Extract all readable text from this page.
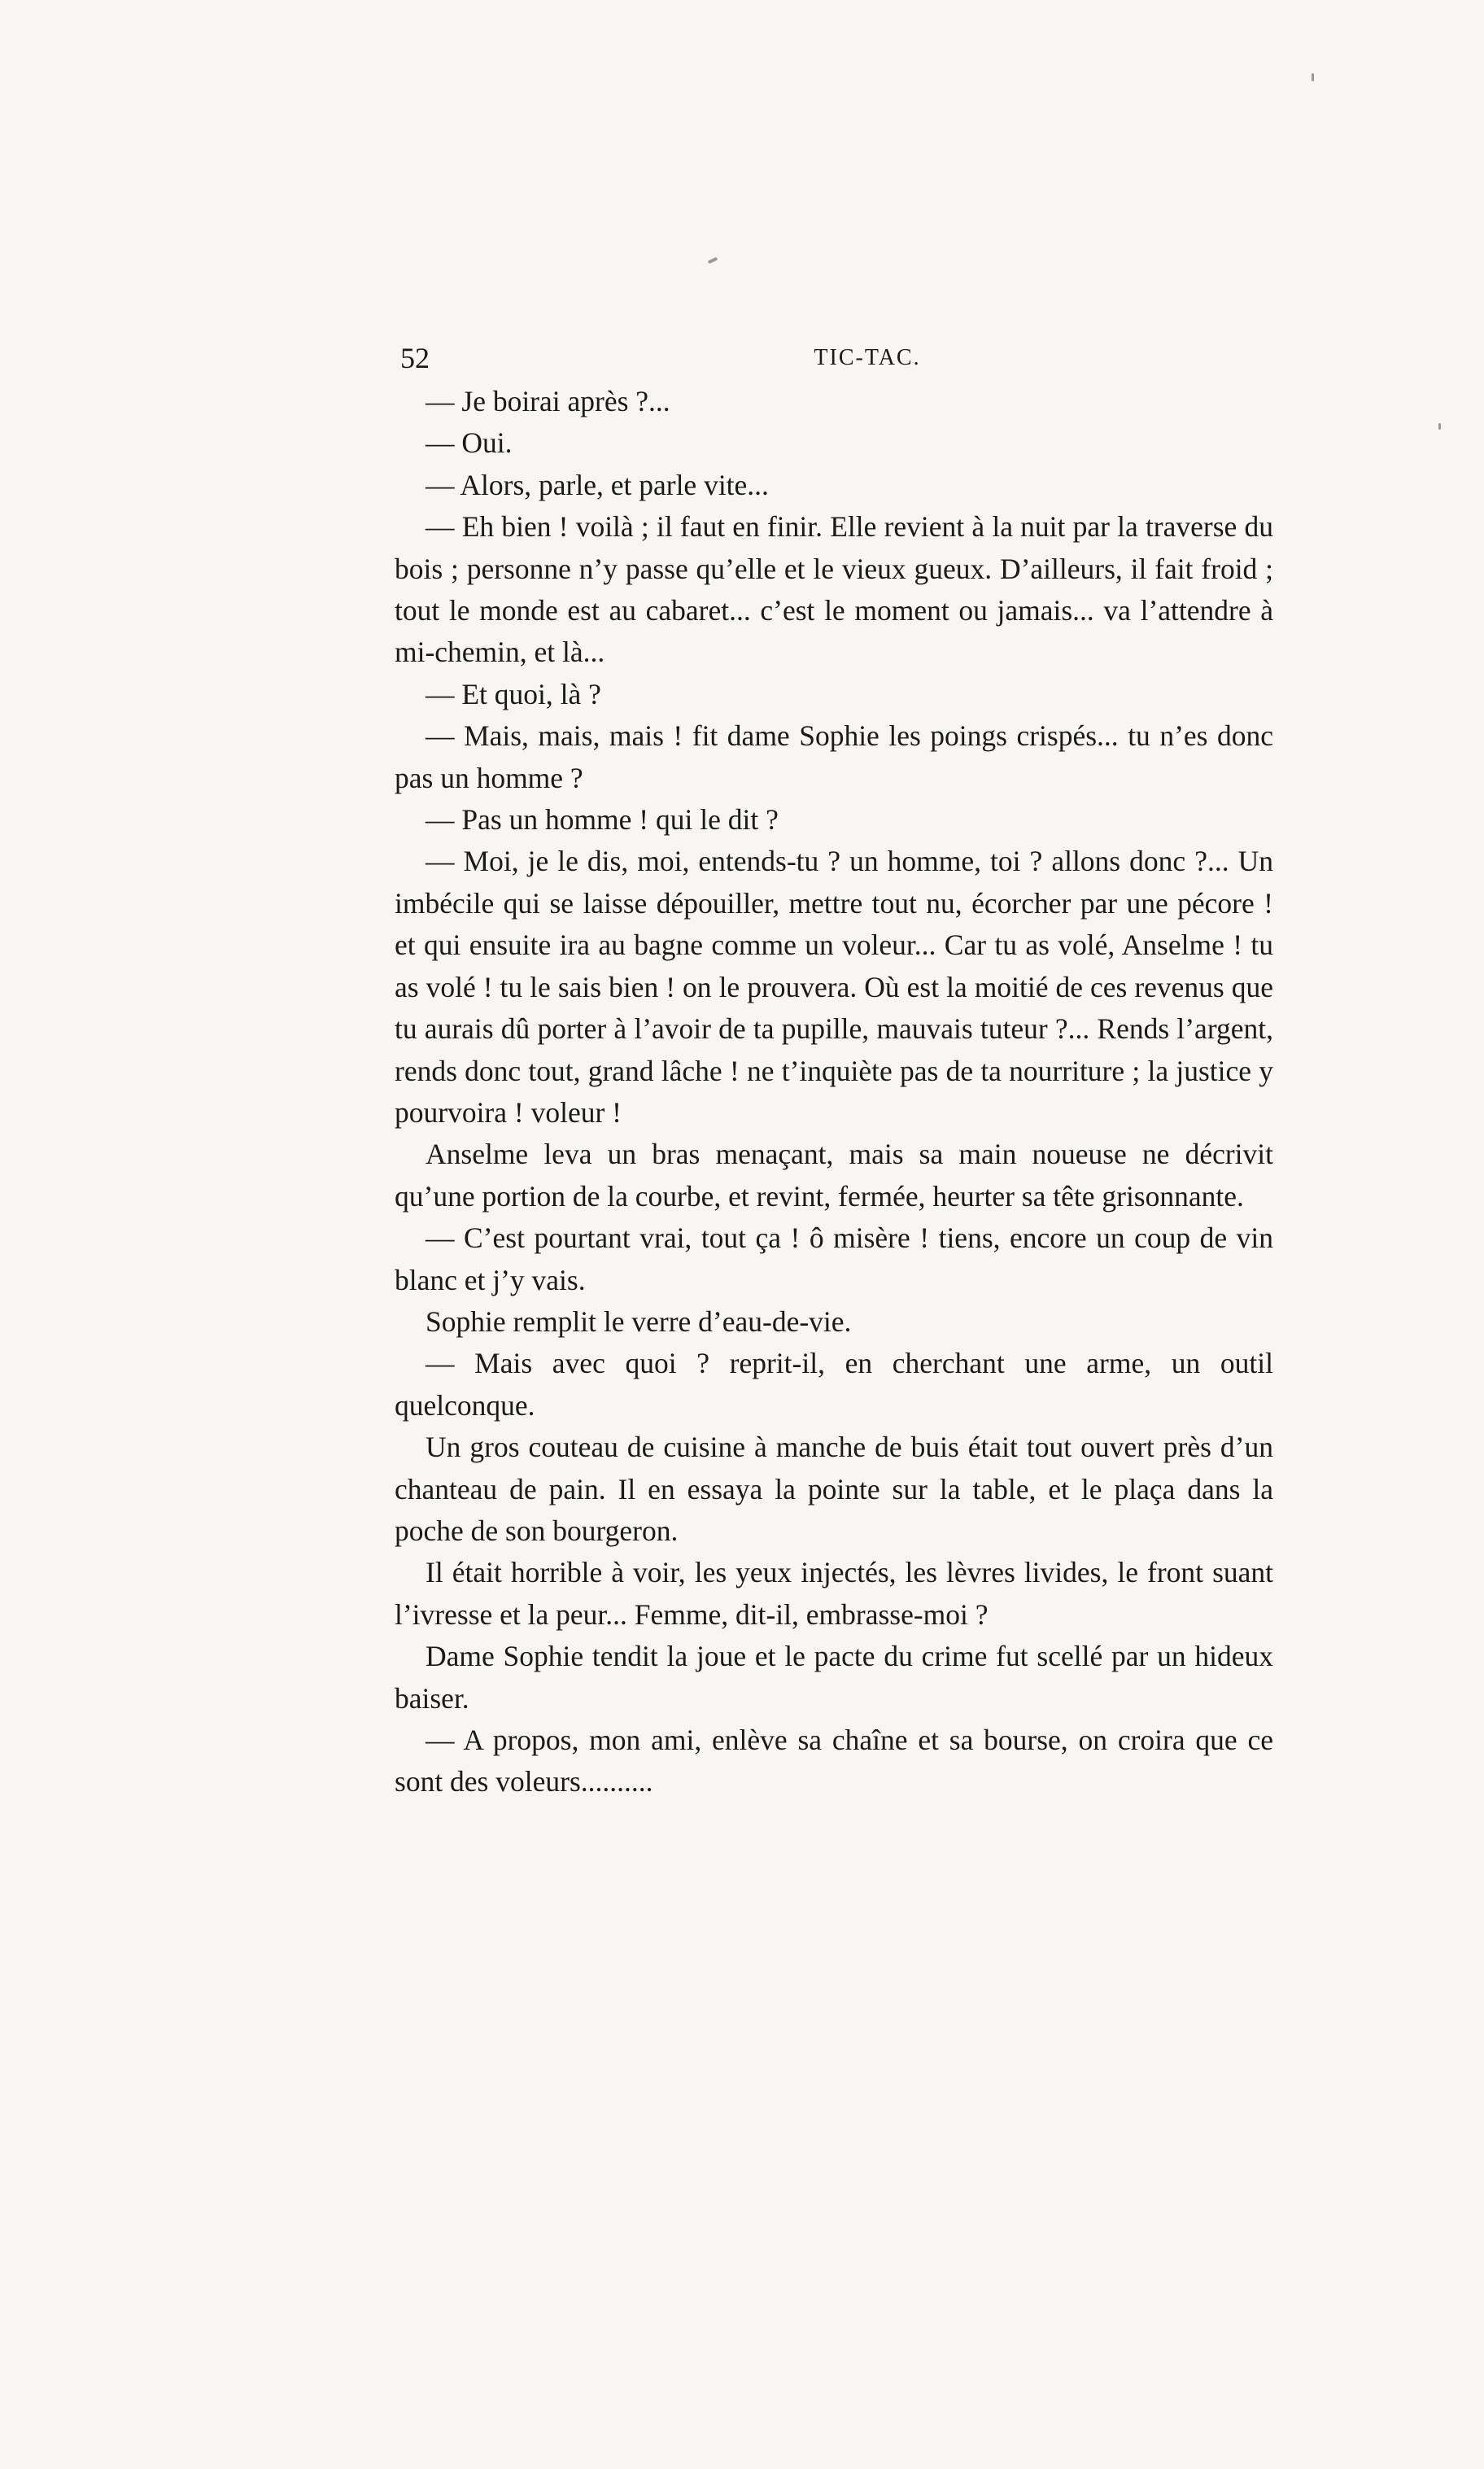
52	TIC-TAC.

— Je boirai après ?...

— Oui.

— Alors, parle, et parle vite...

— Eh bien ! voilà ; il faut en finir. Elle revient à la nuit par la traverse du bois ; personne n’y passe qu’elle et le vieux gueux. D’ailleurs, il fait froid ; tout le monde est au cabaret... c’est le moment ou jamais... va l’attendre à mi-chemin, et là...

— Et quoi, là ?

— Mais, mais, mais ! fit dame Sophie les poings crispés... tu n’es donc pas un homme ?

— Pas un homme ! qui le dit ?

— Moi, je le dis, moi, entends-tu ? un homme, toi ? allons donc ?... Un imbécile qui se laisse dépouiller, mettre tout nu, écorcher par une pécore ! et qui ensuite ira au bagne comme un voleur... Car tu as volé, Anselme ! tu as volé ! tu le sais bien ! on le prouvera. Où est la moitié de ces revenus que tu aurais dû porter à l’avoir de ta pupille, mauvais tuteur ?... Rends l’argent, rends donc tout, grand lâche ! ne t’inquiète pas de ta nourriture ; la justice y pourvoira ! voleur !

Anselme leva un bras menaçant, mais sa main noueuse ne décrivit qu’une portion de la courbe, et revint, fermée, heurter sa tête grisonnante.

— C’est pourtant vrai, tout ça ! ô misère ! tiens, encore un coup de vin blanc et j’y vais.

Sophie remplit le verre d’eau-de-vie.

— Mais avec quoi ? reprit-il, en cherchant une arme, un outil quelconque.

Un gros couteau de cuisine à manche de buis était tout ouvert près d’un chanteau de pain. Il en essaya la pointe sur la table, et le plaça dans la poche de son bourgeron.

Il était horrible à voir, les yeux injectés, les lèvres livides, le front suant l’ivresse et la peur... Femme, dit-il, embrasse-moi ?

Dame Sophie tendit la joue et le pacte du crime fut scellé par un hideux baiser.

— A propos, mon ami, enlève sa chaîne et sa bourse, on croira que ce sont des voleurs..........
